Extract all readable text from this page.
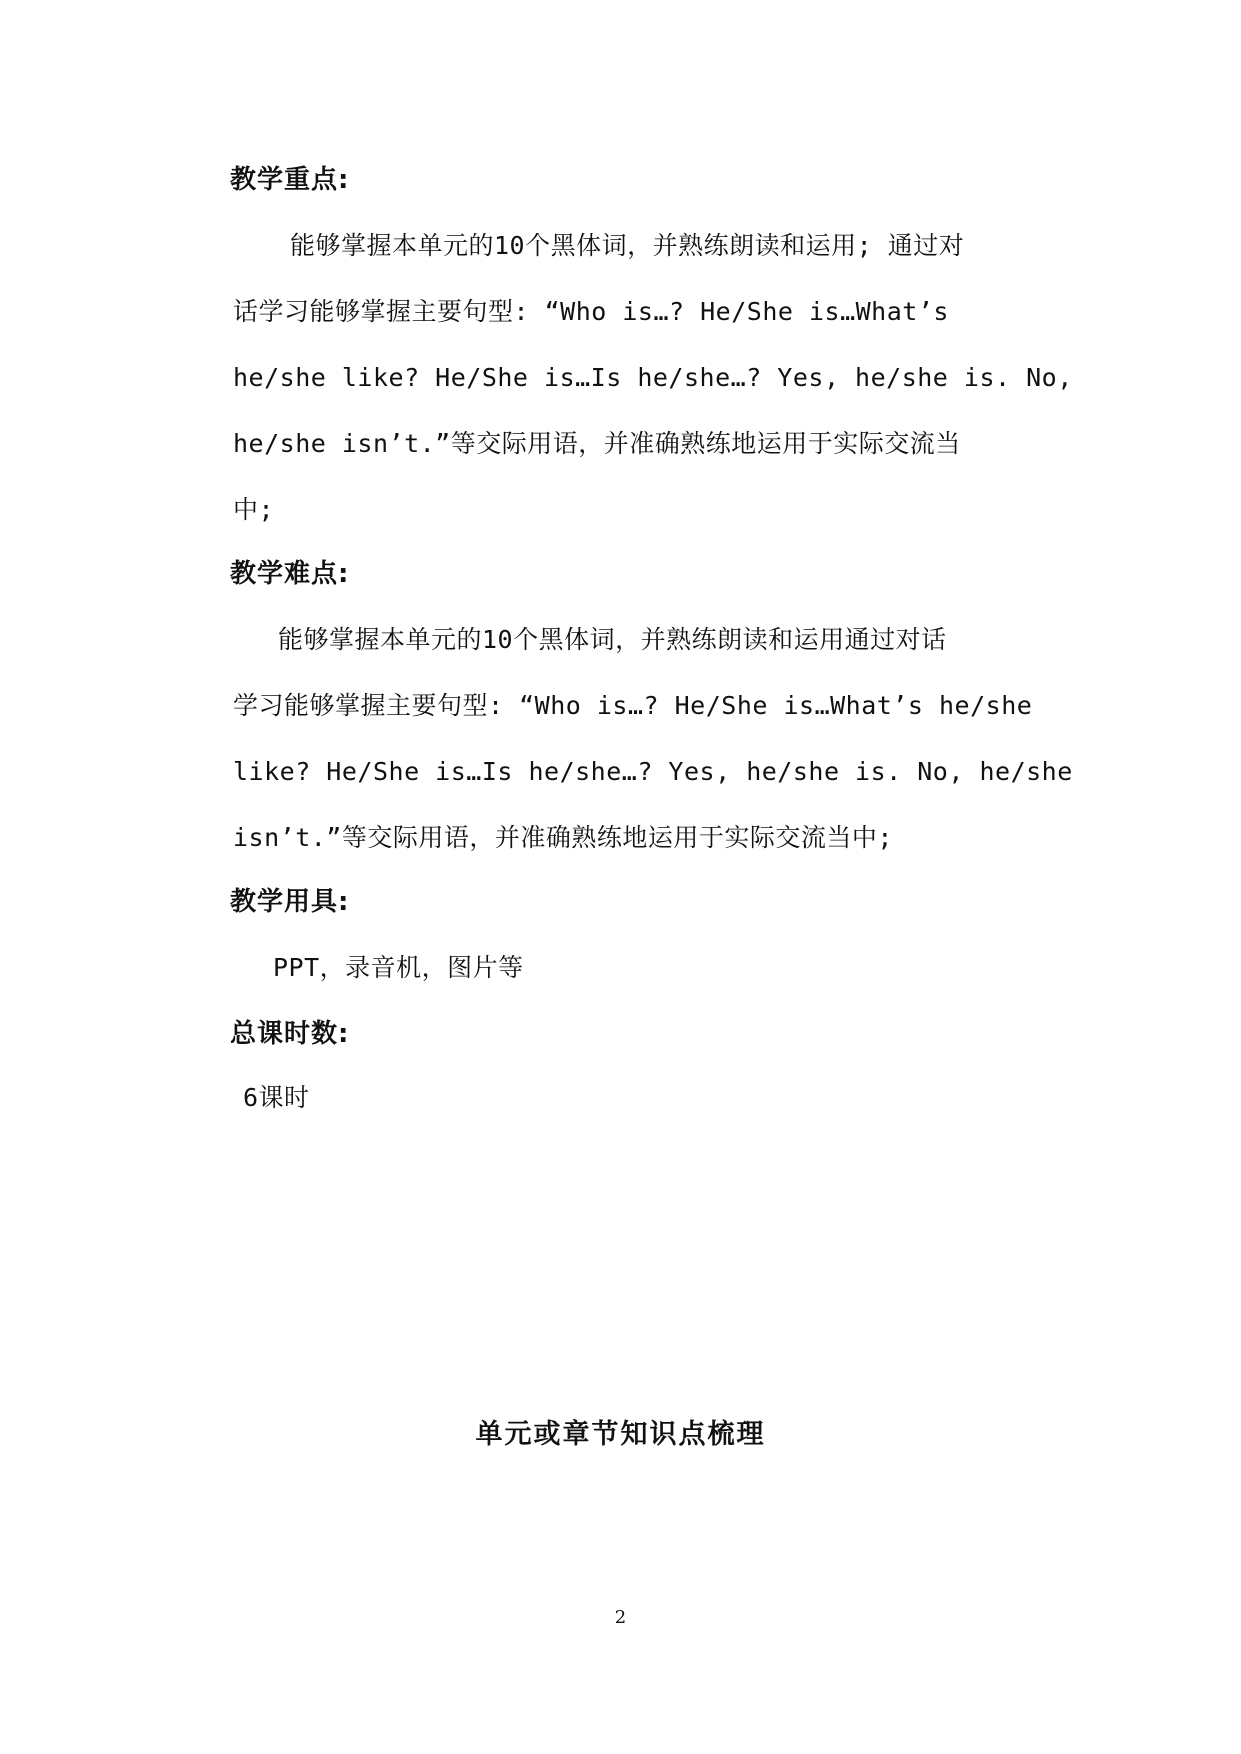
教学重点:
能够掌握本单元的10个黑体词，并熟练朗读和运用; 通过对
话学习能够掌握主要句型: “Who is…? He/She is…What’s
he/she like? He/She is…Is he/she…? Yes, he/she is. No,
he/she isn’t.”等交际用语，并准确熟练地运用于实际交流当
中;
教学难点:
能够掌握本单元的10个黑体词，并熟练朗读和运用通过对话
学习能够掌握主要句型: “Who is…? He/She is…What’s he/she
like? He/She is…Is he/she…? Yes, he/she is. No, he/she
isn’t.”等交际用语，并准确熟练地运用于实际交流当中;
教学用具:
PPT，录音机，图片等
总课时数:
6课时
单元或章节知识点梳理
2
